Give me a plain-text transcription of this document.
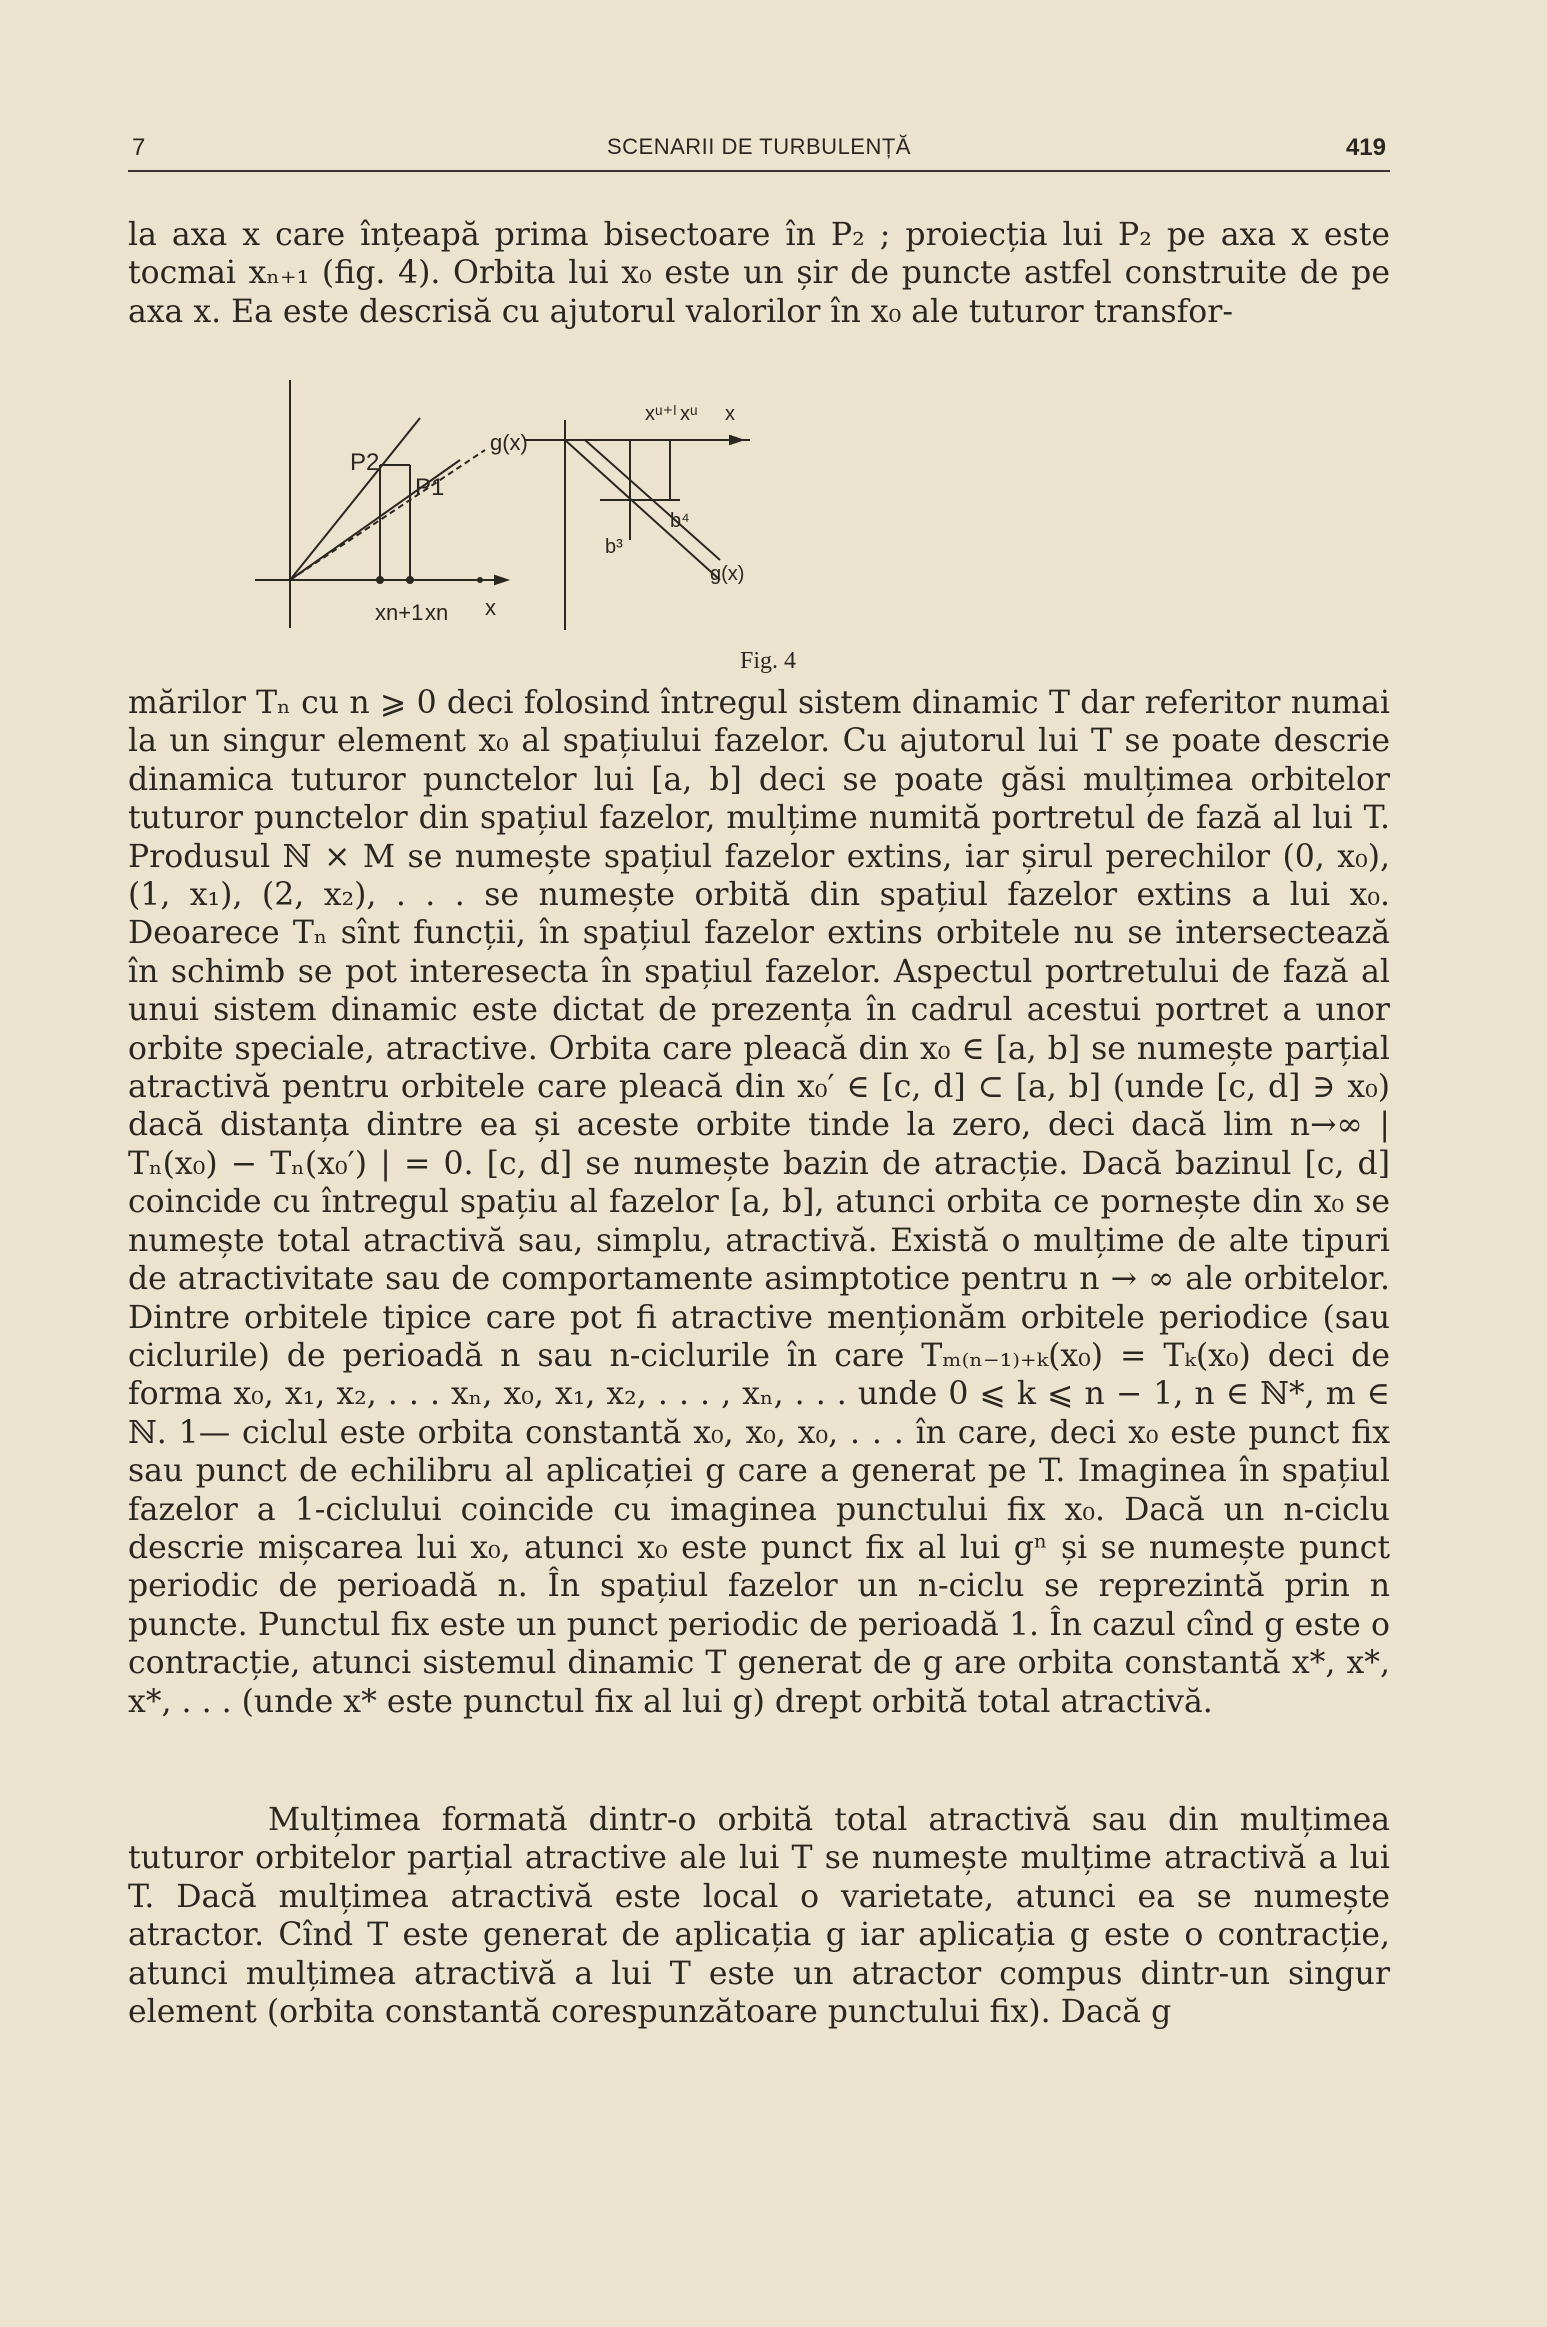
7	SCENARII DE TURBULENȚĂ	419

la axa x care înțeapă prima bisectoare în P₂ ; proiecția lui P₂ pe axa x este tocmai xₙ₊₁ (fig. 4). Orbita lui x₀ este un șir de puncte astfel construite de pe axa x. Ea este descrisă cu ajutorul valorilor în x₀ ale tuturor transfor-

P2
P1
g(x)
xn+1 xn x
xᵘ⁺ˡ xᵘ x
b³
b⁴
g(x)
Fig. 4

mărilor Tₙ cu n ⩾ 0 deci folosind întregul sistem dinamic T dar referitor numai la un singur element x₀ al spațiului fazelor. Cu ajutorul lui T se poate descrie dinamica tuturor punctelor lui [a, b] deci se poate găsi mulțimea orbitelor tuturor punctelor din spațiul fazelor, mulțime numită portretul de fază al lui T. Produsul ℕ × M se numește spațiul fazelor extins, iar șirul perechilor (0, x₀), (1, x₁), (2, x₂), . . . se numește orbită din spațiul fazelor extins a lui x₀. Deoarece Tₙ sînt funcții, în spațiul fazelor extins orbitele nu se intersectează în schimb se pot interesecta în spațiul fazelor. Aspectul portretului de fază al unui sistem dinamic este dictat de prezența în cadrul acestui portret a unor orbite speciale, atractive. Orbita care pleacă din x₀ ∈ [a, b] se numește parțial atractivă pentru orbitele care pleacă din x₀′ ∈ [c, d] ⊂ [a, b] (unde [c, d] ∋ x₀) dacă distanța dintre ea și aceste orbite tinde la zero, deci dacă lim n→∞ | Tₙ(x₀) − Tₙ(x₀′) | = 0. [c, d] se numește bazin de atracție. Dacă bazinul [c, d] coincide cu întregul spațiu al fazelor [a, b], atunci orbita ce pornește din x₀ se numește total atractivă sau, simplu, atractivă. Există o mulțime de alte tipuri de atractivitate sau de comportamente asimptotice pentru n → ∞ ale orbitelor. Dintre orbitele tipice care pot fi atractive menționăm orbitele periodice (sau ciclurile) de perioadă n sau n-ciclurile în care Tₘ₍ₙ₋₁₎₊ₖ(x₀) = Tₖ(x₀) deci de forma x₀, x₁, x₂, . . . xₙ, x₀, x₁, x₂, . . . , xₙ, . . . unde 0 ⩽ k ⩽ n − 1, n ∈ ℕ*, m ∈ ℕ. 1— ciclul este orbita constantă x₀, x₀, x₀, . . . în care, deci x₀ este punct fix sau punct de echilibru al aplicației g care a generat pe T. Imaginea în spațiul fazelor a 1-ciclului coincide cu imaginea punctului fix x₀. Dacă un n-ciclu descrie mișcarea lui x₀, atunci x₀ este punct fix al lui gⁿ și se numește punct periodic de perioadă n. În spațiul fazelor un n-ciclu se reprezintă prin n puncte. Punctul fix este un punct periodic de perioadă 1. În cazul cînd g este o contracție, atunci sistemul dinamic T generat de g are orbita constantă x*, x*, x*, . . . (unde x* este punctul fix al lui g) drept orbită total atractivă.

Mulțimea formată dintr-o orbită total atractivă sau din mulțimea tuturor orbitelor parțial atractive ale lui T se numește mulțime atractivă a lui T. Dacă mulțimea atractivă este local o varietate, atunci ea se numește atractor. Cînd T este generat de aplicația g iar aplicația g este o contracție, atunci mulțimea atractivă a lui T este un atractor compus dintr-un singur element (orbita constantă corespunzătoare punctului fix). Dacă g
